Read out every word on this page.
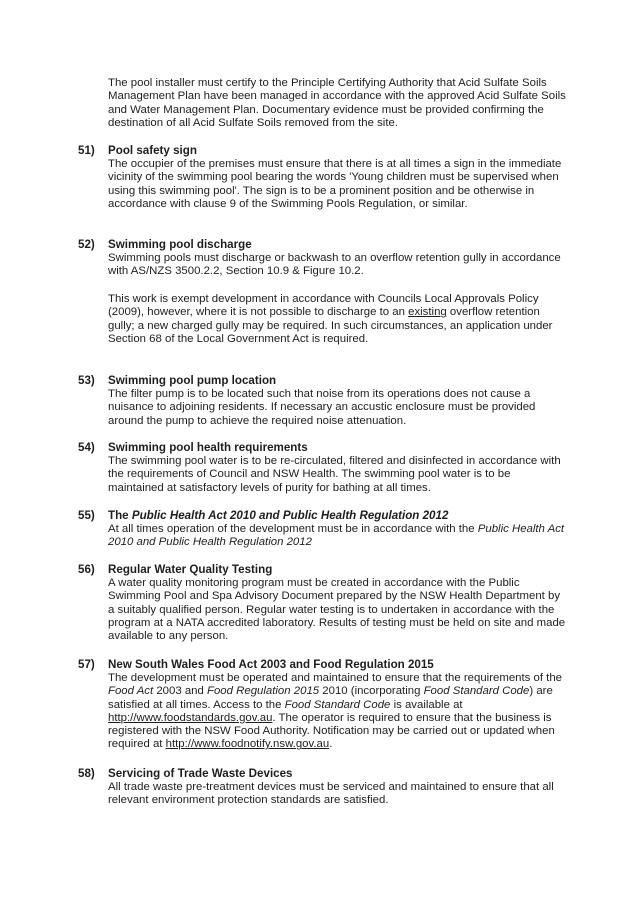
The pool installer must certify to the Principle Certifying Authority that Acid Sulfate Soils Management Plan have been managed in accordance with the approved Acid Sulfate Soils and Water Management Plan. Documentary evidence must be provided confirming the destination of all Acid Sulfate Soils removed from the site.

51) Pool safety sign

The occupier of the premises must ensure that there is at all times a sign in the immediate vicinity of the swimming pool bearing the words 'Young children must be supervised when using this swimming pool'. The sign is to be a prominent position and be otherwise in accordance with clause 9 of the Swimming Pools Regulation, or similar.

52) Swimming pool discharge

Swimming pools must discharge or backwash to an overflow retention gully in accordance with AS/NZS 3500.2.2, Section 10.9 & Figure 10.2.

This work is exempt development in accordance with Councils Local Approvals Policy (2009), however, where it is not possible to discharge to an existing overflow retention gully; a new charged gully may be required. In such circumstances, an application under Section 68 of the Local Government Act is required.

53) Swimming pool pump location

The filter pump is to be located such that noise from its operations does not cause a nuisance to adjoining residents. If necessary an accustic enclosure must be provided around the pump to achieve the required noise attenuation.

54) Swimming pool health requirements

The swimming pool water is to be re-circulated, filtered and disinfected in accordance with the requirements of Council and NSW Health. The swimming pool water is to be maintained at satisfactory levels of purity for bathing at all times.

55) The Public Health Act 2010 and Public Health Regulation 2012

At all times operation of the development must be in accordance with the Public Health Act 2010 and Public Health Regulation 2012

56) Regular Water Quality Testing

A water quality monitoring program must be created in accordance with the Public Swimming Pool and Spa Advisory Document prepared by the NSW Health Department by a suitably qualified person. Regular water testing is to undertaken in accordance with the program at a NATA accredited laboratory. Results of testing must be held on site and made available to any person.

57) New South Wales Food Act 2003 and Food Regulation 2015

The development must be operated and maintained to ensure that the requirements of the Food Act 2003 and Food Regulation 2015 2010 (incorporating Food Standard Code) are satisfied at all times. Access to the Food Standard Code is available at http://www.foodstandards.gov.au. The operator is required to ensure that the business is registered with the NSW Food Authority. Notification may be carried out or updated when required at http://www.foodnotify.nsw.gov.au.

58) Servicing of Trade Waste Devices

All trade waste pre-treatment devices must be serviced and maintained to ensure that all relevant environment protection standards are satisfied.
